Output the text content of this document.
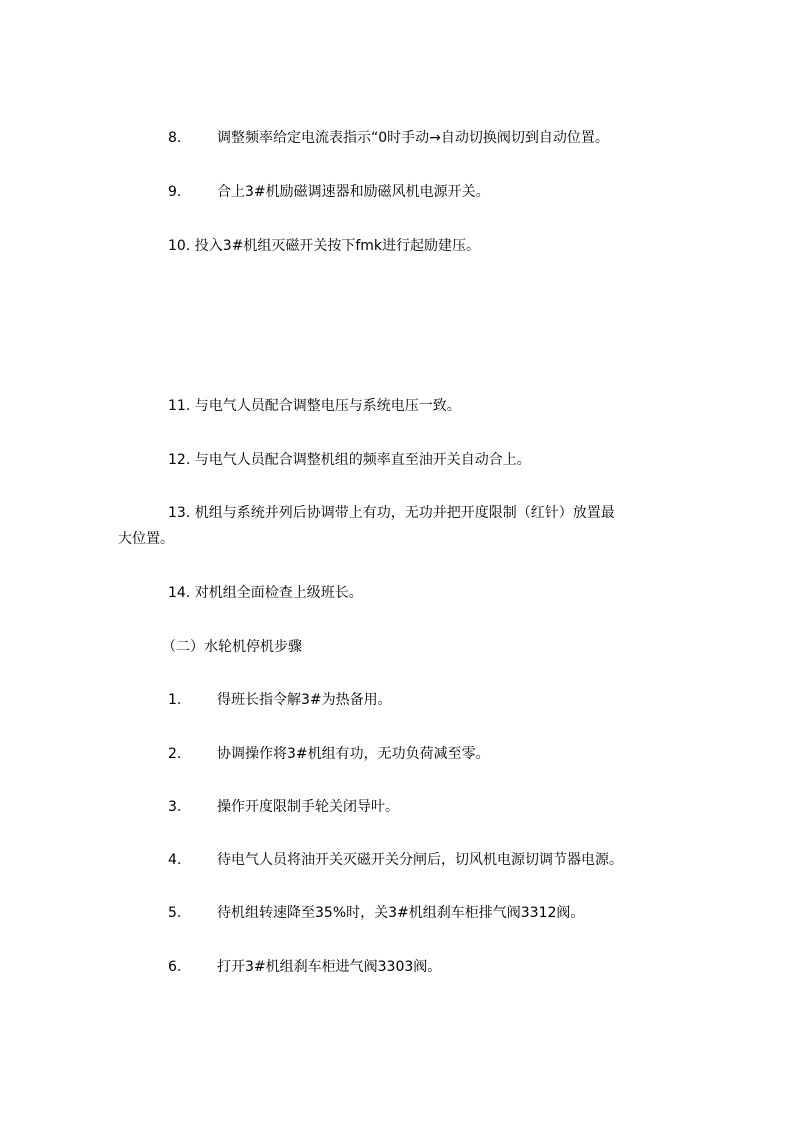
8.	调整频率给定电流表指示“0时手动→自动切换阀切到自动位置。
9.	合上3#机励磁调速器和励磁风机电源开关。
10. 投入3#机组灭磁开关按下fmk进行起励建压。
11. 与电气人员配合调整电压与系统电压一致。
12. 与电气人员配合调整机组的频率直至油开关自动合上。
13. 机组与系统并列后协调带上有功，无功并把开度限制（红针）放置最
大位置。
14. 对机组全面检查上级班长。
（二）水轮机停机步骤
1.	得班长指令解3#为热备用。
2.	协调操作将3#机组有功，无功负荷减至零。
3.	操作开度限制手轮关闭导叶。
4.	待电气人员将油开关灭磁开关分闸后，切风机电源切调节器电源。
5.	待机组转速降至35%时，关3#机组刹车柜排气阀3312阀。
6.	打开3#机组刹车柜进气阀3303阀。
